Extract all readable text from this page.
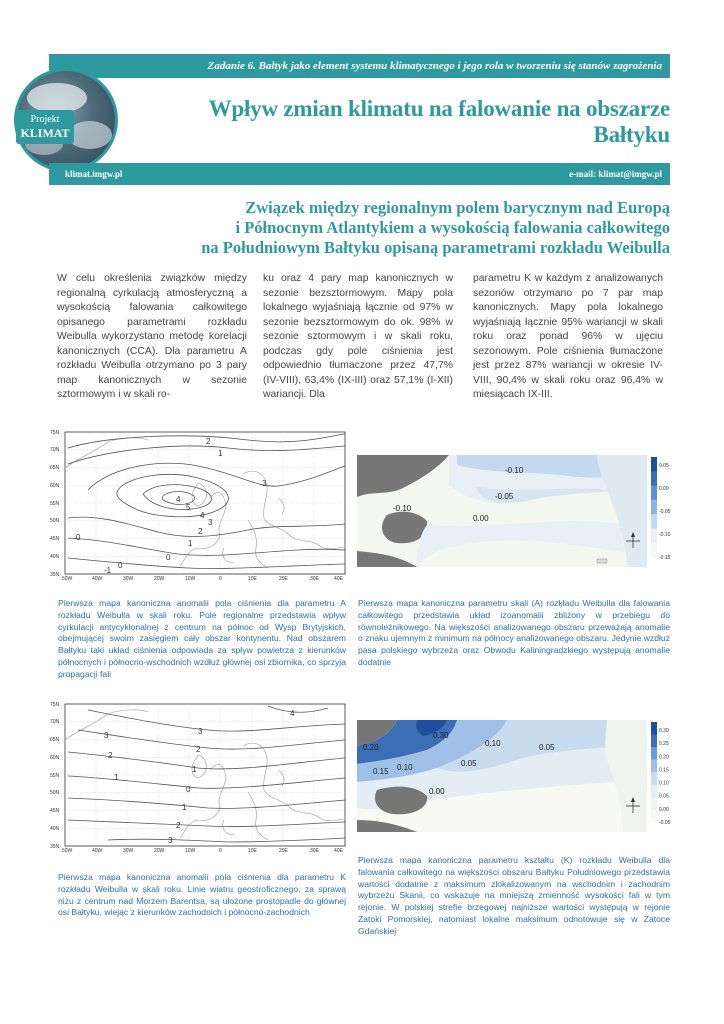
Zadanie 6. Bałtyk jako element systemu klimatycznego i jego rola w tworzeniu się stanów zagrożenia
Projekt
KLIMAT
Wpływ zmian klimatu na falowanie na obszarze Bałtyku
klimat.imgw.pl	e-mail: klimat@imgw.pl
Związek między regionalnym polem barycznym nad Europą
i Północnym Atlantykiem a wysokością falowania całkowitego
na Południowym Bałtyku opisaną parametrami rozkładu Weibulla
W celu określenia związków między regionalną cyrkulacją atmosferyczną a wysokością falowania całkowitego opisanego parametrami rozkładu Weibulla wykorzystano metodę korelacji kanonicznych (CCA). Dla parametru A rozkładu Weibulla otrzymano po 3 pary map kanonicznych w sezonie sztormowym i w skali ro-
ku oraz 4 pary map kanonicznych w sezonie bezsztormowym. Mapy pola lokalnego wyjaśniają łącznie od 97% w sezonie bezsztormowym do ok. 98% w sezonie sztormowym i w skali roku, podczas gdy pole ciśnienia jest odpowiednio tłumaczone przez 47,7% (IV-VIII), 63,4% (IX-III) oraz 57,1% (I-XII) wariancji. Dla
parametru K w każdym z analizowanych sezonów otrzymano po 7 par map kanonicznych. Mapy pola lokalnego wyjaśniają łącznie 95% wariancji w skali roku oraz ponad 96% w ujęciu sezonowym. Pole ciśnienia tłumaczone jest przez 87% wariancji w okresie IV-VIII, 90,4% w skali roku oraz 96,4% w miesiącach IX-III.
2
1
3
4
5
4
3
2
1
0
0
0
-1
75N
70N
65N
60N
55N
50N
45N
40N
35N
50W	40W	30W	20W	10W	0	10E	20E	30E	40E
-0.10
-0.05
-0.10
0.00
0.05
0.00
-0.05
-0.10
-0.15
3
2
1
0
1
2
3
4
3
2
1
75N
70N
65N
60N
55N
50N
45N
40N
35N
50W	40W	30W	20W	10W	0	10E	20E	30E	40E
0.20
0.30
0.15 0.10
0.10	0.05
0.05
0.00
0.30
0.25
0.20
0.15
0.10
0.05
0.00
-0.05
Pierwsza mapa kanoniczna anomalii pola ciśnienia dla parametru A rozkładu Weibulla w skali roku. Pole regionalne przedstawia wpływ cyrkulacji antycyklonalnej z centrum na północ od Wysp Brytyjskich, obejmującej swoim zasięgiem cały obszar kontynentu. Nad obszarem Bałtyku taki układ ciśnienia odpowiada za spływ powietrza z kierunków północnych i północno-wschodnich wzdłuż głównej osi zbiornika, co sprzyja propagacji fali
Pierwsza mapa kanoniczna parametru skali (A) rozkładu Weibulla dla falowania całkowitego przedstawia układ izoanomalii zbliżony w przebiegu do równoleżnikowego. Na większości analizowanego obszaru przeważają anomalie o znaku ujemnym z minimum na północy analizowanego obszaru. Jedynie wzdłuż pasa polskiego wybrzeża oraz Obwodu Kaliningradzkiego występują anomalie dodatnie
Pierwsza mapa kanoniczna anomalii pola ciśnienia dla parametru K rozkładu Weibulla w skali roku. Linie wiatru geostroficznego, za sprawą niżu z centrum nad Morzem Barentsa, są ułożone prostopadle do głównej osi Bałtyku, wiejąc z kierunków zachodnich i północno-zachodnich
Pierwsza mapa kanoniczna parametru kształtu (K) rozkładu Weibulla dla falowania całkowitego na większości obszaru Bałtyku Południowego przedstawia wartości dodatnie z maksimum zlokalizowanym na wschodnim i zachodnim wybrzeżu Skanii, co wskazuje na mniejszą zmienność wysokości fali w tym rejonie. W polskiej strefie brzegowej najniższe wartości występują w rejonie Zatoki Pomorskiej, natomiast lokalne maksimum odnotowuje się w Zatoce Gdańskiej
